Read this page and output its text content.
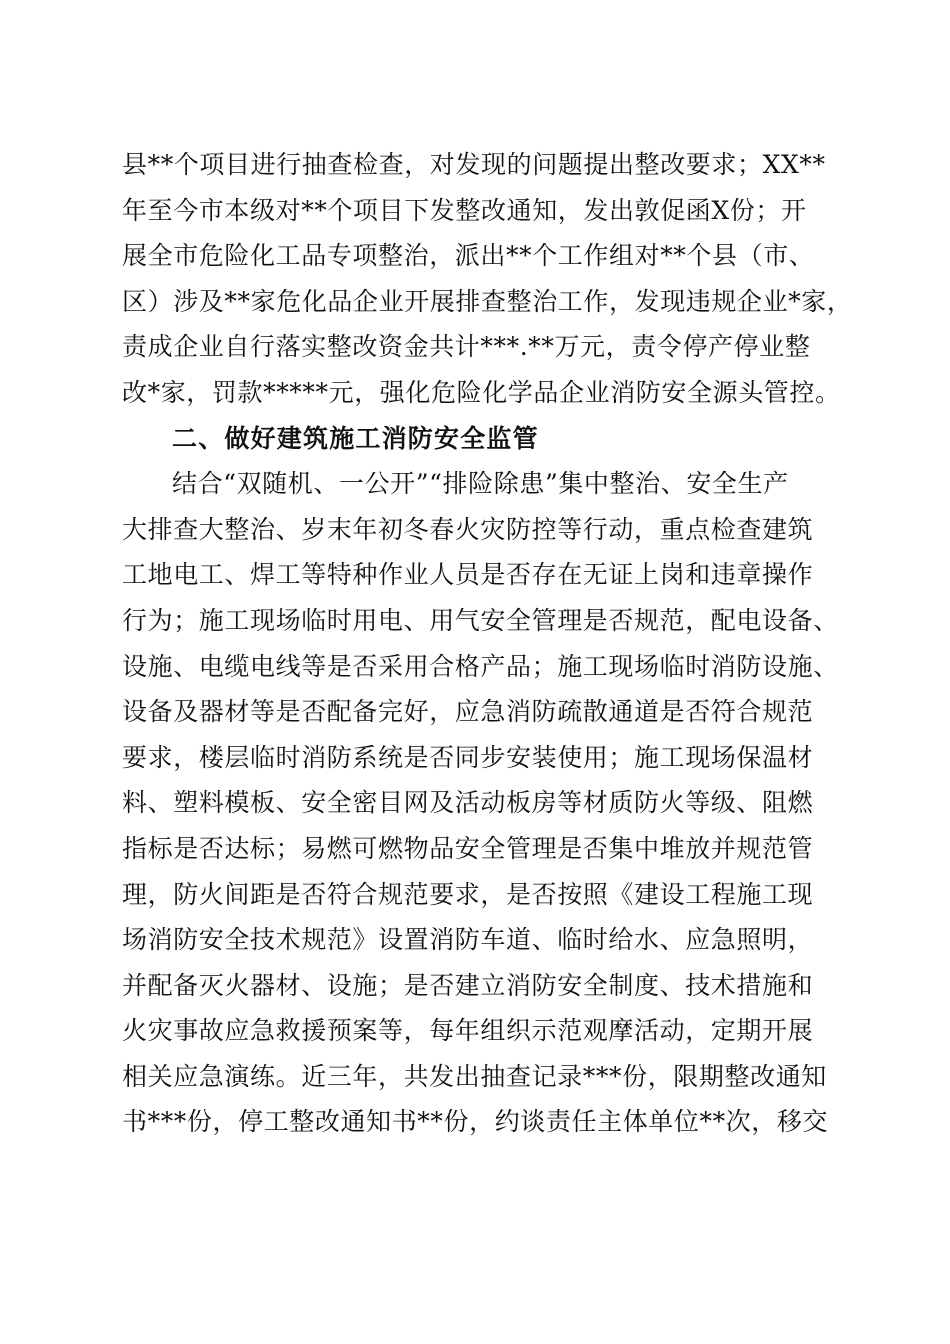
县**个项目进行抽查检查，对发现的问题提出整改要求；XX**
年至今市本级对**个项目下发整改通知，发出敦促函X份；开
展全市危险化工品专项整治，派出**个工作组对**个县（市、
区）涉及**家危化品企业开展排查整治工作，发现违规企业*家，
责成企业自行落实整改资金共计***.**万元，责令停产停业整
改*家，罚款*****元，强化危险化学品企业消防安全源头管控。
二、做好建筑施工消防安全监管
结合“双随机、一公开”“排险除患”集中整治、安全生产
大排查大整治、岁末年初冬春火灾防控等行动，重点检查建筑
工地电工、焊工等特种作业人员是否存在无证上岗和违章操作
行为；施工现场临时用电、用气安全管理是否规范，配电设备、
设施、电缆电线等是否采用合格产品；施工现场临时消防设施、
设备及器材等是否配备完好，应急消防疏散通道是否符合规范
要求，楼层临时消防系统是否同步安装使用；施工现场保温材
料、塑料模板、安全密目网及活动板房等材质防火等级、阻燃
指标是否达标；易燃可燃物品安全管理是否集中堆放并规范管
理，防火间距是否符合规范要求，是否按照《建设工程施工现
场消防安全技术规范》设置消防车道、临时给水、应急照明，
并配备灭火器材、设施；是否建立消防安全制度、技术措施和
火灾事故应急救援预案等，每年组织示范观摩活动，定期开展
相关应急演练。近三年，共发出抽查记录***份，限期整改通知
书***份，停工整改通知书**份，约谈责任主体单位**次，移交
